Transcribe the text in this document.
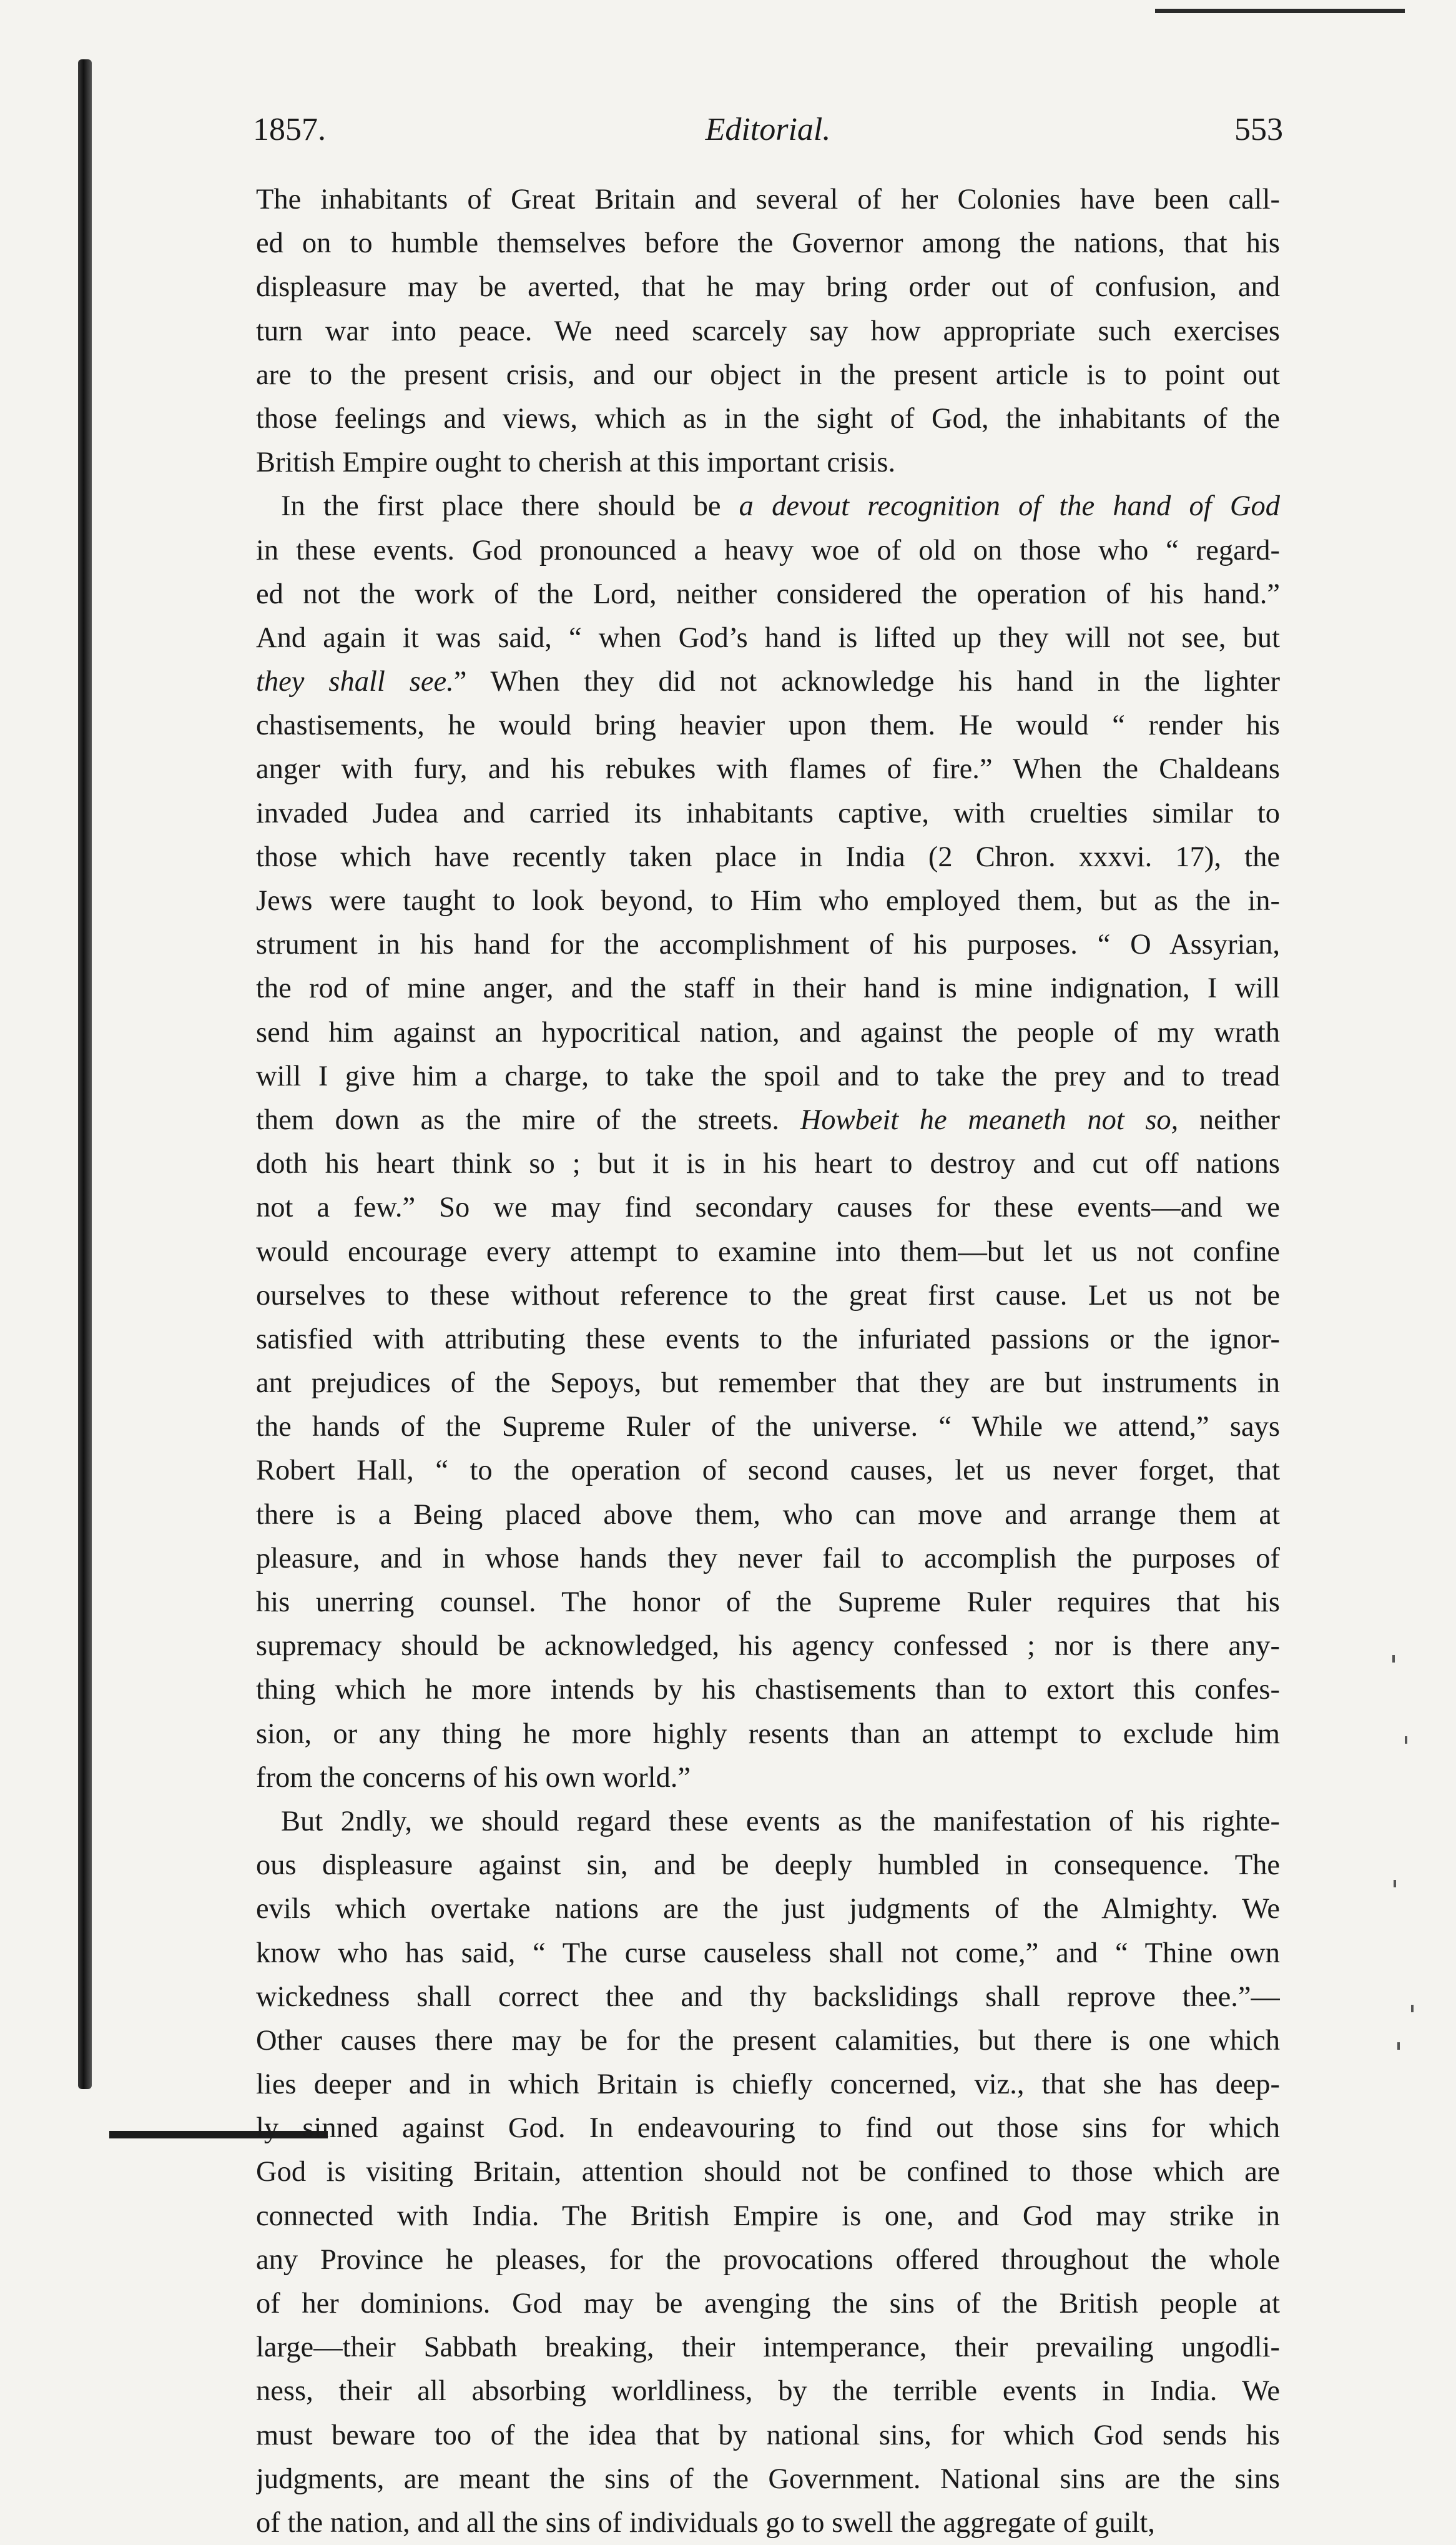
1857.	Editorial.	553
The inhabitants of Great Britain and several of her Colonies have been call-
ed on to humble themselves before the Governor among the nations, that his
displeasure may be averted, that he may bring order out of confusion, and
turn war into peace. We need scarcely say how appropriate such exercises
are to the present crisis, and our object in the present article is to point out
those feelings and views, which as in the sight of God, the inhabitants of the
British Empire ought to cherish at this important crisis.
In the first place there should be a devout recognition of the hand of God
in these events. God pronounced a heavy woe of old on those who “ regard-
ed not the work of the Lord, neither considered the operation of his hand.”
And again it was said, “ when God’s hand is lifted up they will not see, but
they shall see.” When they did not acknowledge his hand in the lighter
chastisements, he would bring heavier upon them. He would “ render his
anger with fury, and his rebukes with flames of fire.” When the Chaldeans
invaded Judea and carried its inhabitants captive, with cruelties similar to
those which have recently taken place in India (2 Chron. xxxvi. 17), the
Jews were taught to look beyond, to Him who employed them, but as the in-
strument in his hand for the accomplishment of his purposes. “ O Assyrian,
the rod of mine anger, and the staff in their hand is mine indignation, I will
send him against an hypocritical nation, and against the people of my wrath
will I give him a charge, to take the spoil and to take the prey and to tread
them down as the mire of the streets. Howbeit he meaneth not so, neither
doth his heart think so ; but it is in his heart to destroy and cut off nations
not a few.” So we may find secondary causes for these events—and we
would encourage every attempt to examine into them—but let us not confine
ourselves to these without reference to the great first cause. Let us not be
satisfied with attributing these events to the infuriated passions or the ignor-
ant prejudices of the Sepoys, but remember that they are but instruments in
the hands of the Supreme Ruler of the universe. “ While we attend,” says
Robert Hall, “ to the operation of second causes, let us never forget, that
there is a Being placed above them, who can move and arrange them at
pleasure, and in whose hands they never fail to accomplish the purposes of
his unerring counsel. The honor of the Supreme Ruler requires that his
supremacy should be acknowledged, his agency confessed ; nor is there any-
thing which he more intends by his chastisements than to extort this confes-
sion, or any thing he more highly resents than an attempt to exclude him
from the concerns of his own world.”
But 2ndly, we should regard these events as the manifestation of his righte-
ous displeasure against sin, and be deeply humbled in consequence. The
evils which overtake nations are the just judgments of the Almighty. We
know who has said, “ The curse causeless shall not come,” and “ Thine own
wickedness shall correct thee and thy backslidings shall reprove thee.”—
Other causes there may be for the present calamities, but there is one which
lies deeper and in which Britain is chiefly concerned, viz., that she has deep-
ly sinned against God. In endeavouring to find out those sins for which
God is visiting Britain, attention should not be confined to those which are
connected with India. The British Empire is one, and God may strike in
any Province he pleases, for the provocations offered throughout the whole
of her dominions. God may be avenging the sins of the British people at
large—their Sabbath breaking, their intemperance, their prevailing ungodli-
ness, their all absorbing worldliness, by the terrible events in India. We
must beware too of the idea that by national sins, for which God sends his
judgments, are meant the sins of the Government. National sins are the sins
of the nation, and all the sins of individuals go to swell the aggregate of guilt,
